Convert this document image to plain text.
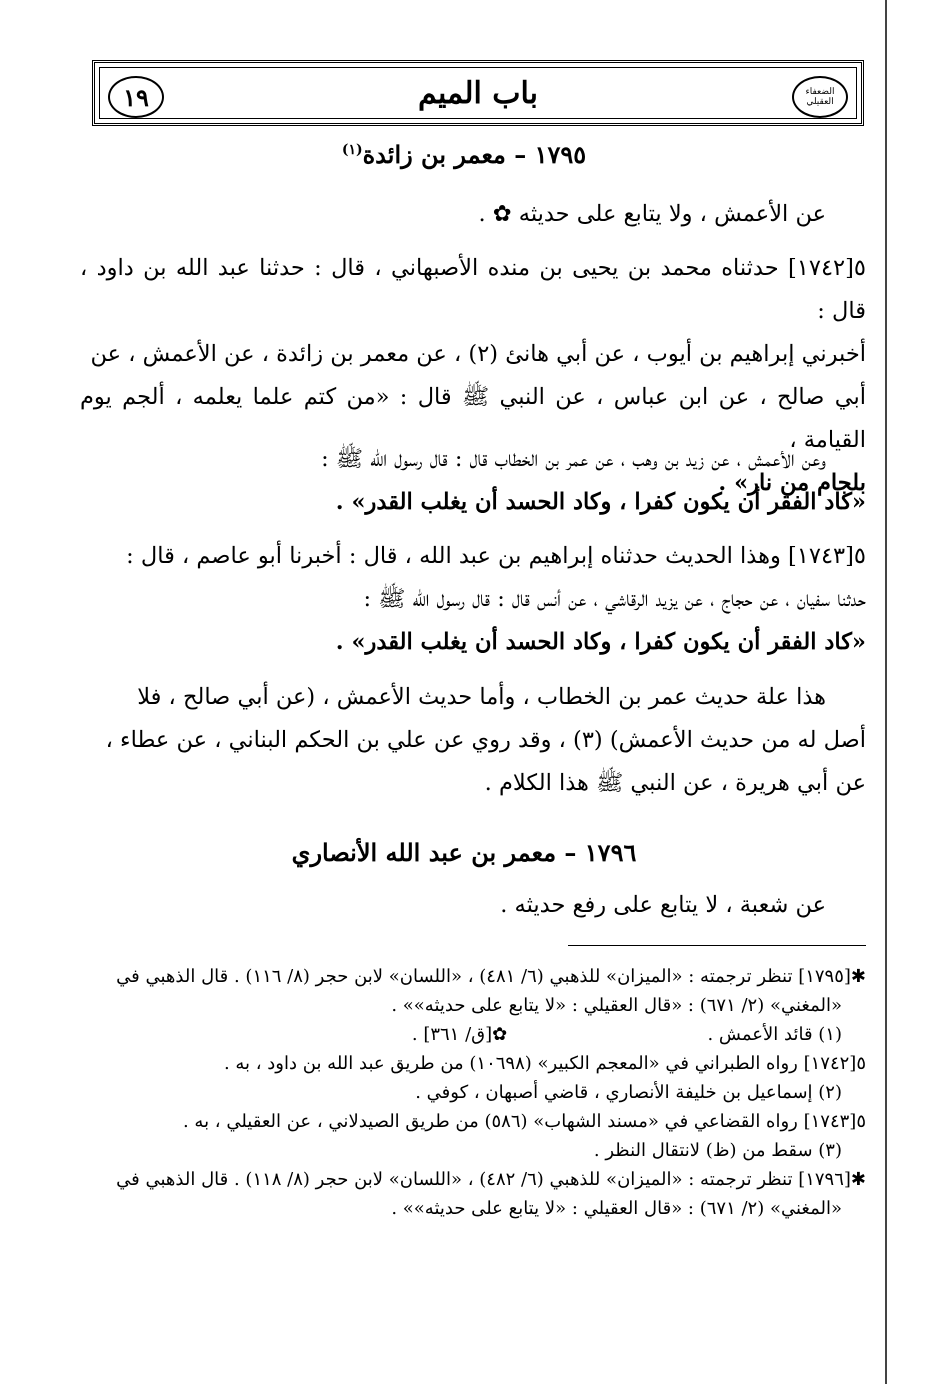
١٩	باب الميم	الضعفاء العقيلي
١٧٩٥ – معمر بن زائدة$^{(١)}$
عن الأعمش ، ولا يتابع على حديثه ✿ .
٥[١٧٤٢] حدثناه محمد بن يحيى بن منده الأصبهاني ، قال : حدثنا عبد الله بن داود ، قال :
أخبرني إبراهيم بن أيوب ، عن أبي هانئ (٢) ، عن معمر بن زائدة ، عن الأعمش ، عن
أبي صالح ، عن ابن عباس ، عن النبي ﷺ قال : «من كتم علما يعلمه ، ألجم يوم القيامة ،
بلجام من نار» .
وعن الأعمش ، عن زيد بن وهب ، عن عمر بن الخطاب قال : قال رسول الله ﷺ :
«كاد الفقر أن يكون كفرا ، وكاد الحسد أن يغلب القدر» .
٥[١٧٤٣] وهذا الحديث حدثناه إبراهيم بن عبد الله ، قال : أخبرنا أبو عاصم ، قال :
حدثنا سفيان ، عن حجاج ، عن يزيد الرقاشي ، عن أنس قال : قال رسول الله ﷺ :
«كاد الفقر أن يكون كفرا ، وكاد الحسد أن يغلب القدر» .
هذا علة حديث عمر بن الخطاب ، وأما حديث الأعمش ، (عن أبي صالح ، فلا
أصل له من حديث الأعمش) (٣) ، وقد روي عن علي بن الحكم البناني ، عن عطاء ،
عن أبي هريرة ، عن النبي ﷺ هذا الكلام .
١٧٩٦ – معمر بن عبد الله الأنصاري
عن شعبة ، لا يتابع على رفع حديثه .
✱[١٧٩٥] تنظر ترجمته : «الميزان» للذهبي (٦/ ٤٨١) ، «اللسان» لابن حجر (٨/ ١١٦) . قال الذهبي في
«المغني» (٢/ ٦٧١) : «قال العقيلي : «لا يتابع على حديثه»» .
(١) قائد الأعمش .                                   ✿[ق/ ٣٦١] .
٥[١٧٤٢] رواه الطبراني في «المعجم الكبير» (١٠٦٩٨) من طريق عبد الله بن داود ، به .
(٢) إسماعيل بن خليفة الأنصاري ، قاضي أصبهان ، كوفي .
٥[١٧٤٣] رواه القضاعي في «مسند الشهاب» (٥٨٦) من طريق الصيدلاني ، عن العقيلي ، به .
(٣) سقط من (ظ) لانتقال النظر .
✱[١٧٩٦] تنظر ترجمته : «الميزان» للذهبي (٦/ ٤٨٢) ، «اللسان» لابن حجر (٨/ ١١٨) . قال الذهبي في
«المغني» (٢/ ٦٧١) : «قال العقيلي : «لا يتابع على حديثه»» .
